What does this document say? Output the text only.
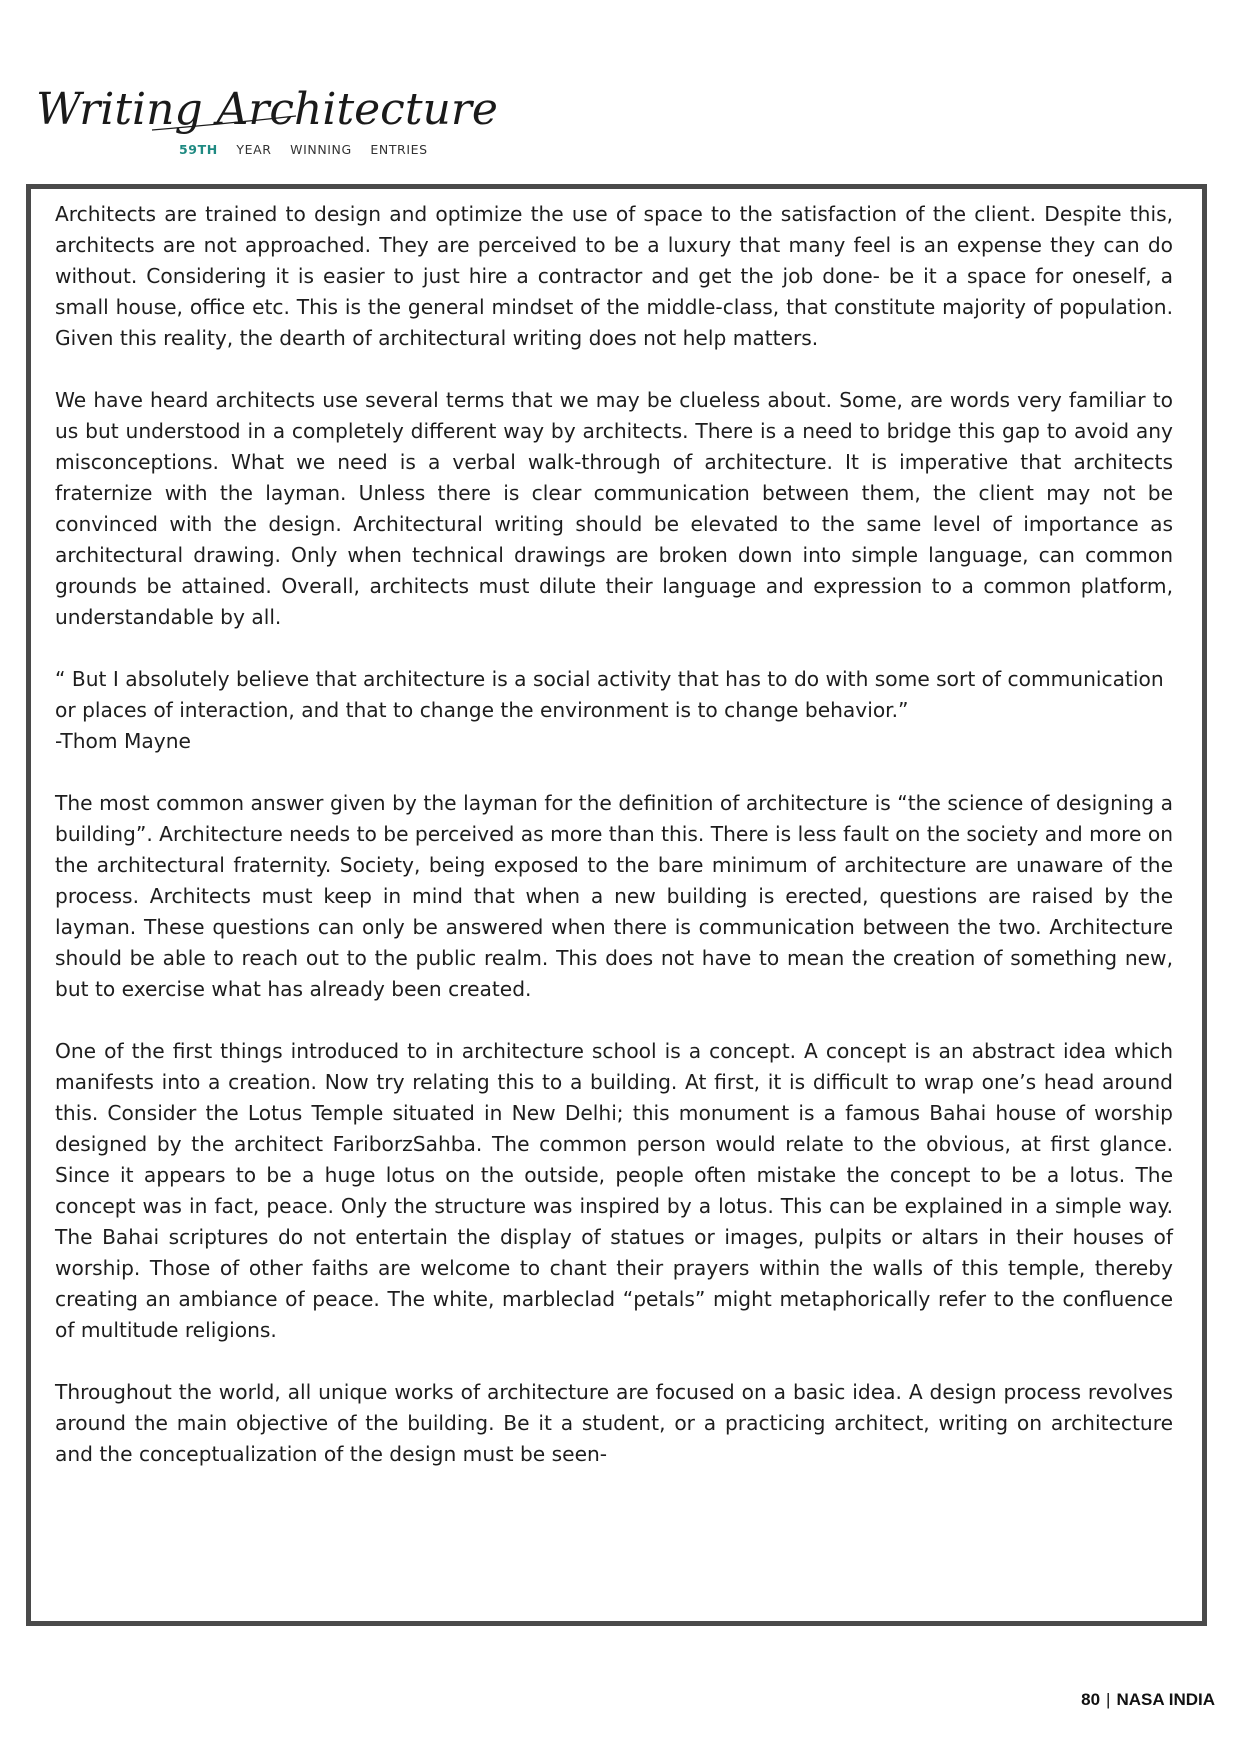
Writing Architecture
59TH YEAR WINNING ENTRIES

Architects are trained to design and optimize the use of space to the satisfaction of the client. Despite this, architects are not approached. They are perceived to be a luxury that many feel is an expense they can do without. Considering it is easier to just hire a contractor and get the job done- be it a space for oneself, a small house, office etc. This is the general mindset of the middle-class, that constitute majority of population. Given this reality, the dearth of architectural writing does not help matters.

We have heard architects use several terms that we may be clueless about. Some, are words very familiar to us but understood in a completely different way by architects. There is a need to bridge this gap to avoid any misconceptions. What we need is a verbal walk-through of architecture. It is imperative that architects fraternize with the layman. Unless there is clear communication between them, the client may not be convinced with the design. Architectural writing should be elevated to the same level of importance as architectural drawing. Only when technical drawings are broken down into simple language, can common grounds be attained. Overall, architects must dilute their language and expression to a common platform, understandable by all.

“ But I absolutely believe that architecture is a social activity that has to do with some sort of communication or places of interaction, and that to change the environment is to change behavior.”

-Thom Mayne

The most common answer given by the layman for the definition of architecture is “the science of designing a building”. Architecture needs to be perceived as more than this. There is less fault on the society and more on the architectural fraternity. Society, being exposed to the bare minimum of architecture are unaware of the process. Architects must keep in mind that when a new building is erected, questions are raised by the layman. These questions can only be answered when there is communication between the two. Architecture should be able to reach out to the public realm. This does not have to mean the creation of something new, but to exercise what has already been created.

One of the first things introduced to in architecture school is a concept. A concept is an abstract idea which manifests into a creation. Now try relating this to a building. At first, it is difficult to wrap one’s head around this. Consider the Lotus Temple situated in New Delhi; this monument is a famous Bahai house of worship designed by the architect FariborzSahba. The common person would relate to the obvious, at first glance. Since it appears to be a huge lotus on the outside, people often mistake the concept to be a lotus. The concept was in fact, peace. Only the structure was inspired by a lotus. This can be explained in a simple way. The Bahai scriptures do not entertain the display of statues or images, pulpits or altars in their houses of worship. Those of other faiths are welcome to chant their prayers within the walls of this temple, thereby creating an ambiance of peace. The white, marbleclad “petals” might metaphorically refer to the confluence of multitude religions.

Throughout the world, all unique works of architecture are focused on a basic idea. A design process revolves around the main objective of the building. Be it a student, or a practicing architect, writing on architecture and the conceptualization of the design must be seen-

80 | NASA INDIA
